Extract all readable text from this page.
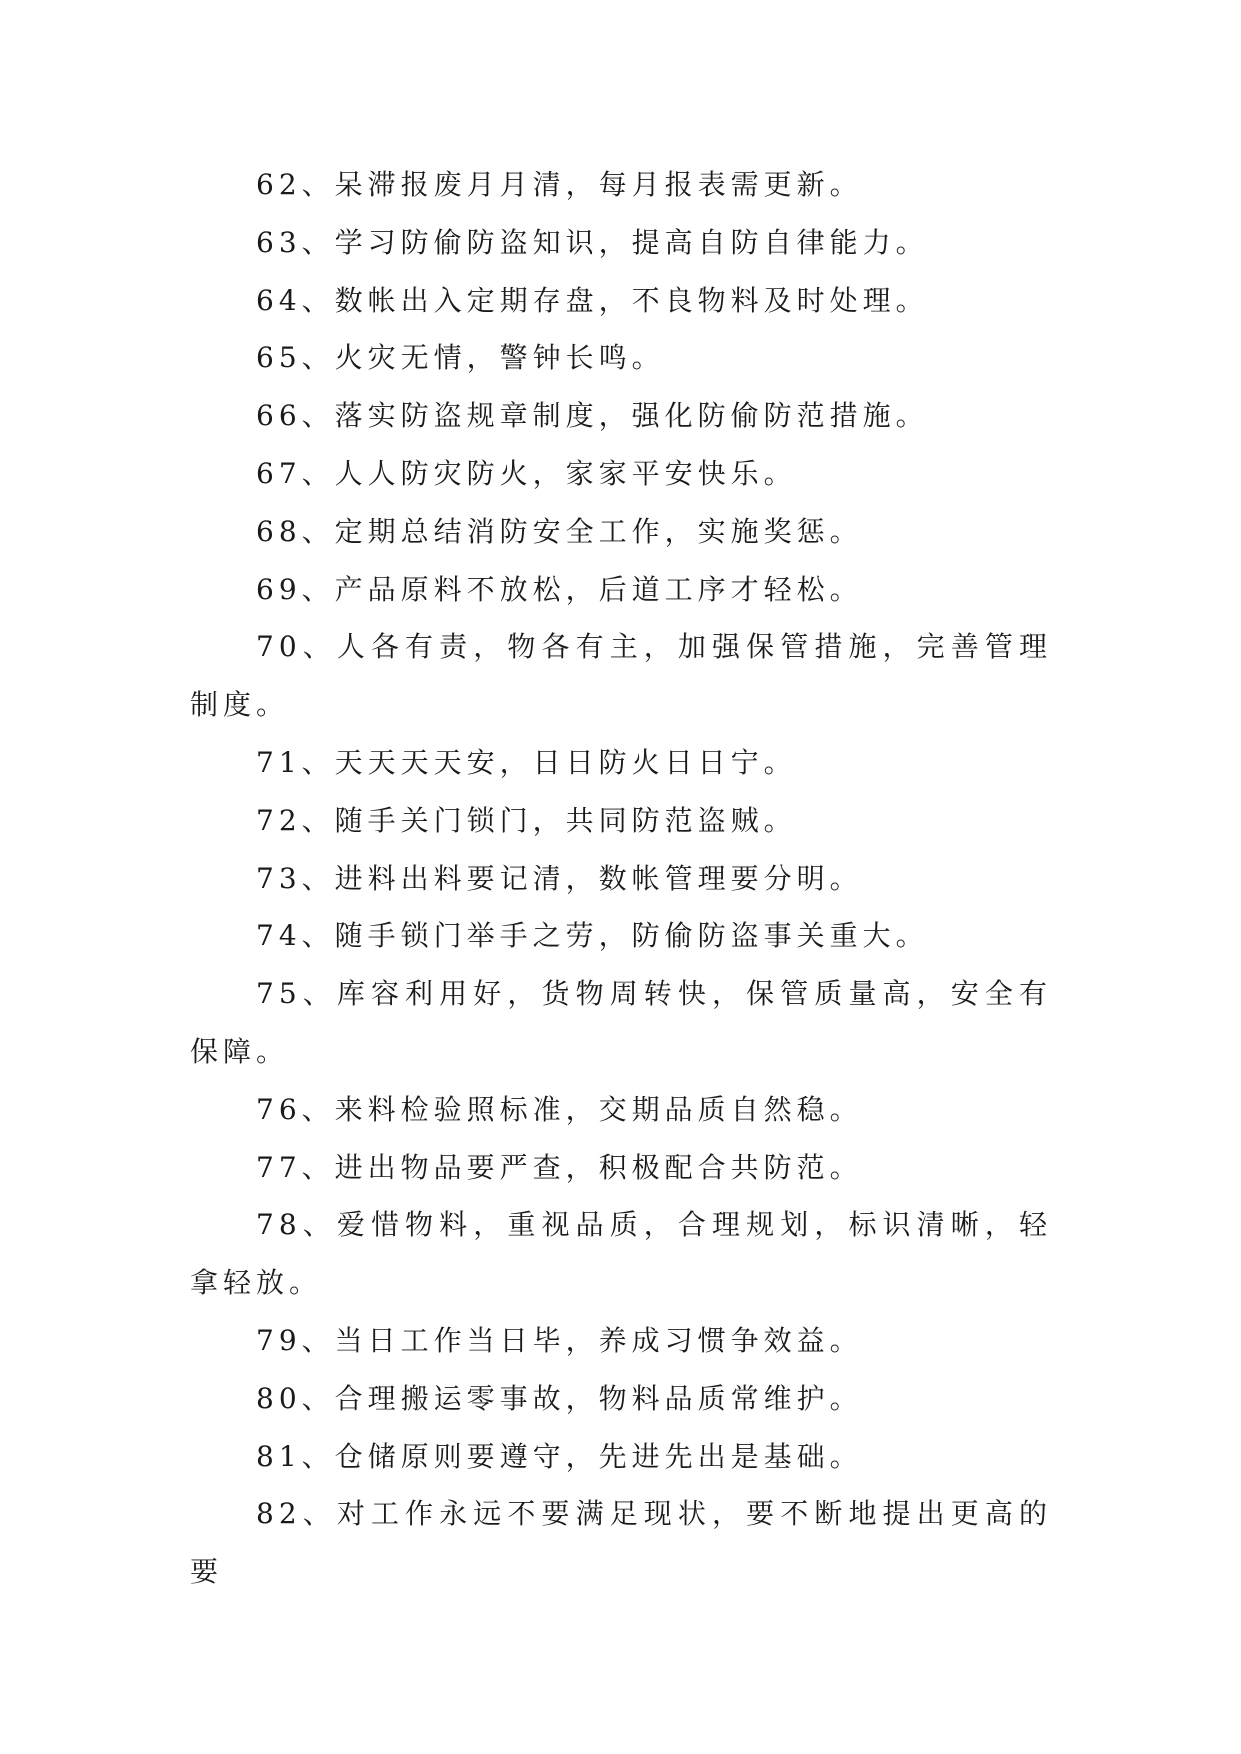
62、呆滞报废月月清，每月报表需更新。

63、学习防偷防盗知识，提高自防自律能力。

64、数帐出入定期存盘，不良物料及时处理。

65、火灾无情，警钟长鸣。

66、落实防盗规章制度，强化防偷防范措施。

67、人人防灾防火，家家平安快乐。

68、定期总结消防安全工作，实施奖惩。

69、产品原料不放松，后道工序才轻松。

70、人各有责，物各有主，加强保管措施，完善管理制度。

71、天天天天安，日日防火日日宁。

72、随手关门锁门，共同防范盗贼。

73、进料出料要记清，数帐管理要分明。

74、随手锁门举手之劳，防偷防盗事关重大。

75、库容利用好，货物周转快，保管质量高，安全有保障。

76、来料检验照标准，交期品质自然稳。

77、进出物品要严查，积极配合共防范。

78、爱惜物料，重视品质，合理规划，标识清晰，轻拿轻放。

79、当日工作当日毕，养成习惯争效益。

80、合理搬运零事故，物料品质常维护。

81、仓储原则要遵守，先进先出是基础。

82、对工作永远不要满足现状，要不断地提出更高的要
